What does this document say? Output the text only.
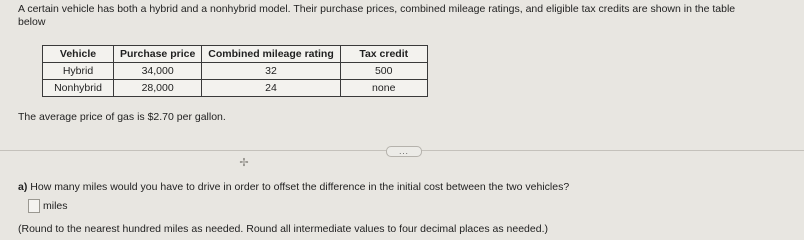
A certain vehicle has both a hybrid and a nonhybrid model. Their purchase prices, combined mileage ratings, and eligible tax credits are shown in the table
below
Vehicle	Purchase price	Combined mileage rating	Tax credit
Hybrid	34,000	32	500
Nonhybrid	28,000	24	none
The average price of gas is $2.70 per gallon.
...
✢
a) How many miles would you have to drive in order to offset the difference in the initial cost between the two vehicles?
miles
(Round to the nearest hundred miles as needed. Round all intermediate values to four decimal places as needed.)
